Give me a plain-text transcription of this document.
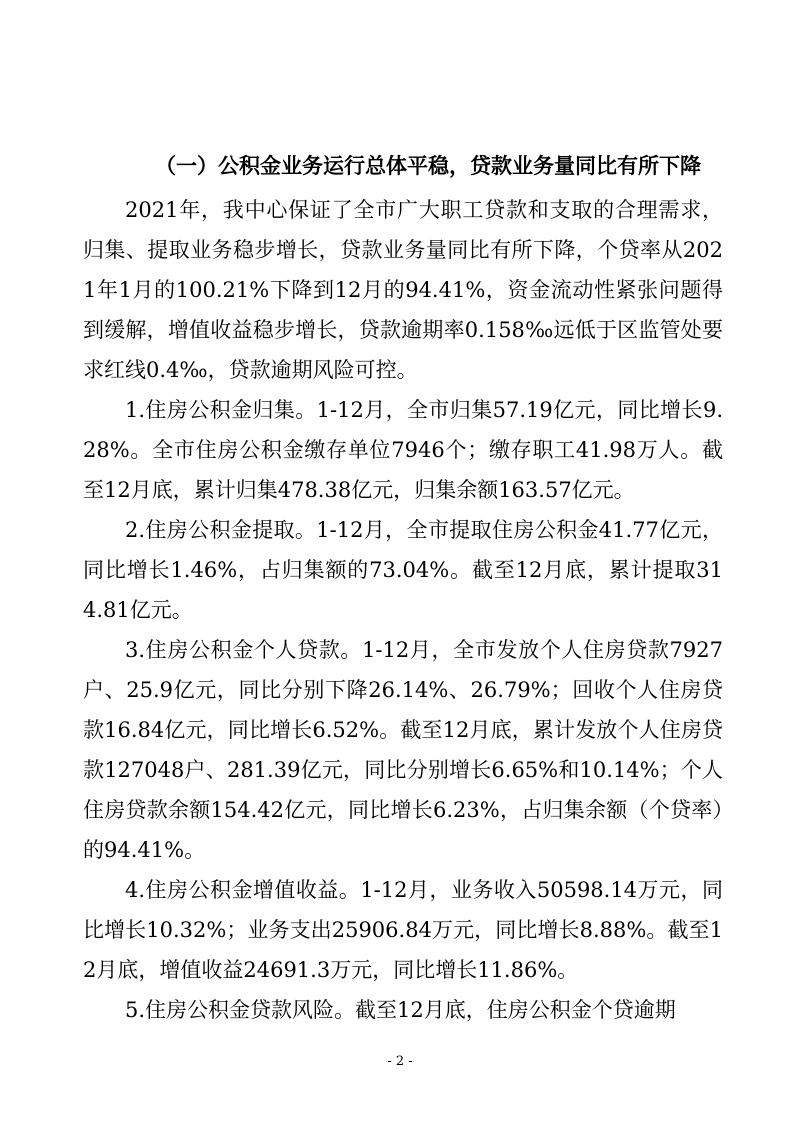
（一）公积金业务运行总体平稳，贷款业务量同比有所下降

2021年，我中心保证了全市广大职工贷款和支取的合理需求，归集、提取业务稳步增长，贷款业务量同比有所下降，个贷率从2021年1月的100.21%下降到12月的94.41%，资金流动性紧张问题得到缓解，增值收益稳步增长，贷款逾期率0.158‰远低于区监管处要求红线0.4‰，贷款逾期风险可控。

1.住房公积金归集。1-12月，全市归集57.19亿元，同比增长9.28%。全市住房公积金缴存单位7946个；缴存职工41.98万人。截至12月底，累计归集478.38亿元，归集余额163.57亿元。

2.住房公积金提取。1-12月，全市提取住房公积金41.77亿元，同比增长1.46%，占归集额的73.04%。截至12月底，累计提取314.81亿元。

3.住房公积金个人贷款。1-12月，全市发放个人住房贷款7927户、25.9亿元，同比分别下降26.14%、26.79%；回收个人住房贷款16.84亿元，同比增长6.52%。截至12月底，累计发放个人住房贷款127048户、281.39亿元，同比分别增长6.65%和10.14%；个人住房贷款余额154.42亿元，同比增长6.23%，占归集余额（个贷率）的94.41%。

4.住房公积金增值收益。1-12月，业务收入50598.14万元，同比增长10.32%；业务支出25906.84万元，同比增长8.88%。截至12月底，增值收益24691.3万元，同比增长11.86%。

5.住房公积金贷款风险。截至12月底，住房公积金个贷逾期

- 2 -
